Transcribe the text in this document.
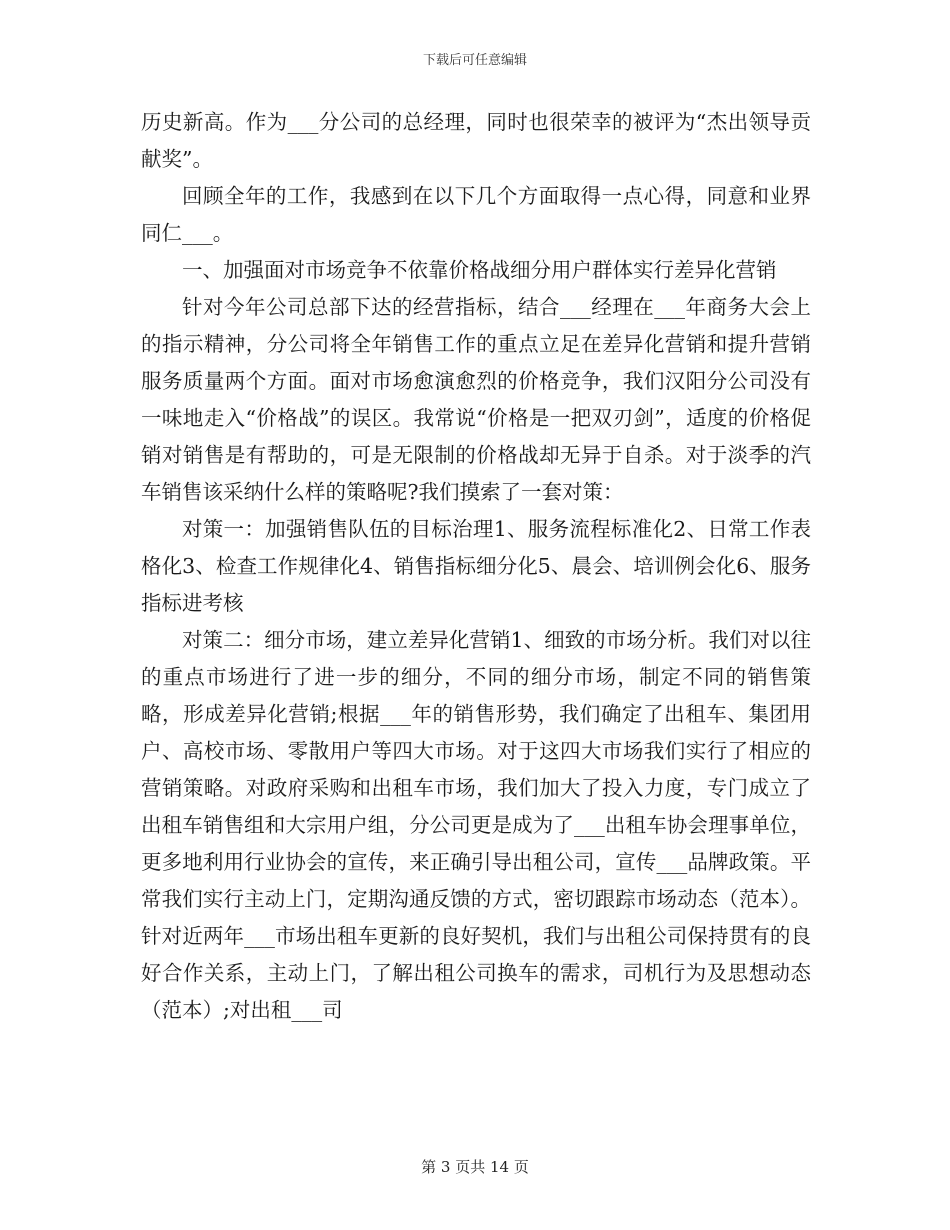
下载后可任意编辑

历史新高。作为___分公司的总经理，同时也很荣幸的被评为“杰出领导贡献奖”。

回顾全年的工作，我感到在以下几个方面取得一点心得，同意和业界同仁___。

一、加强面对市场竞争不依靠价格战细分用户群体实行差异化营销

针对今年公司总部下达的经营指标，结合___经理在___年商务大会上的指示精神，分公司将全年销售工作的重点立足在差异化营销和提升营销服务质量两个方面。面对市场愈演愈烈的价格竞争，我们汉阳分公司没有一味地走入“价格战”的误区。我常说“价格是一把双刃剑”，适度的价格促销对销售是有帮助的，可是无限制的价格战却无异于自杀。对于淡季的汽车销售该采纳什么样的策略呢?我们摸索了一套对策：

对策一：加强销售队伍的目标治理1、服务流程标准化2、日常工作表格化3、检查工作规律化4、销售指标细分化5、晨会、培训例会化6、服务指标进考核

对策二：细分市场，建立差异化营销1、细致的市场分析。我们对以往的重点市场进行了进一步的细分，不同的细分市场，制定不同的销售策略，形成差异化营销;根据___年的销售形势，我们确定了出租车、集团用户、高校市场、零散用户等四大市场。对于这四大市场我们实行了相应的营销策略。对政府采购和出租车市场，我们加大了投入力度，专门成立了出租车销售组和大宗用户组，分公司更是成为了___出租车协会理事单位，更多地利用行业协会的宣传，来正确引导出租公司，宣传___品牌政策。平常我们实行主动上门，定期沟通反馈的方式，密切跟踪市场动态（范本）。针对近两年___市场出租车更新的良好契机，我们与出租公司保持贯有的良好合作关系，主动上门，了解出租公司换车的需求，司机行为及思想动态（范本）;对出租___司

第 3 页共 14 页
